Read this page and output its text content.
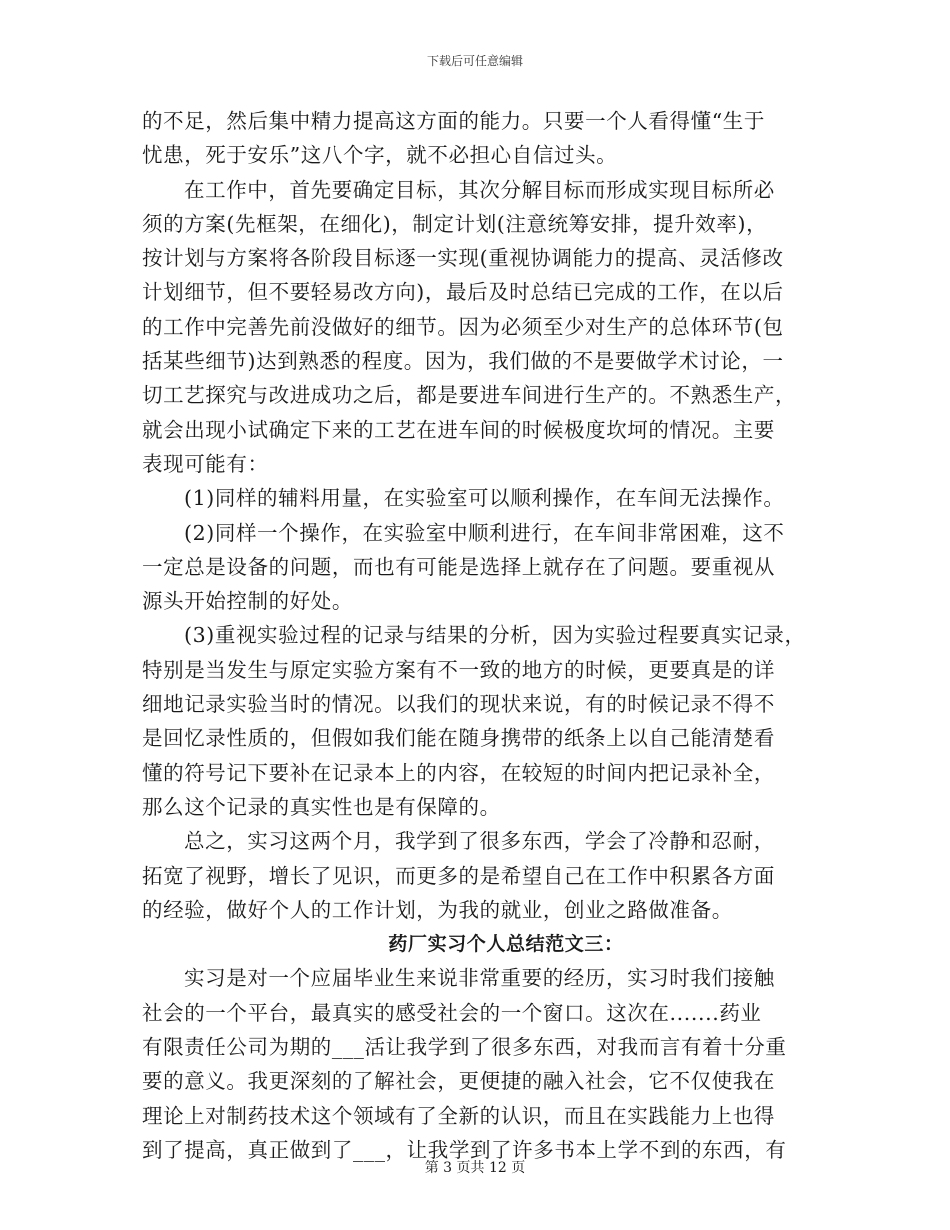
下载后可任意编辑
的不足，然后集中精力提高这方面的能力。只要一个人看得懂“生于
忧患，死于安乐”这八个字，就不必担心自信过头。
在工作中，首先要确定目标，其次分解目标而形成实现目标所必
须的方案(先框架，在细化)，制定计划(注意统筹安排，提升效率)，
按计划与方案将各阶段目标逐一实现(重视协调能力的提高、灵活修改
计划细节，但不要轻易改方向)，最后及时总结已完成的工作，在以后
的工作中完善先前没做好的细节。因为必须至少对生产的总体环节(包
括某些细节)达到熟悉的程度。因为，我们做的不是要做学术讨论，一
切工艺探究与改进成功之后，都是要进车间进行生产的。不熟悉生产，
就会出现小试确定下来的工艺在进车间的时候极度坎坷的情况。主要
表现可能有：
(1)同样的辅料用量，在实验室可以顺利操作，在车间无法操作。
(2)同样一个操作，在实验室中顺利进行，在车间非常困难，这不
一定总是设备的问题，而也有可能是选择上就存在了问题。要重视从
源头开始控制的好处。
(3)重视实验过程的记录与结果的分析，因为实验过程要真实记录，
特别是当发生与原定实验方案有不一致的地方的时候，更要真是的详
细地记录实验当时的情况。以我们的现状来说，有的时候记录不得不
是回忆录性质的，但假如我们能在随身携带的纸条上以自己能清楚看
懂的符号记下要补在记录本上的内容，在较短的时间内把记录补全，
那么这个记录的真实性也是有保障的。
总之，实习这两个月，我学到了很多东西，学会了冷静和忍耐，
拓宽了视野，增长了见识，而更多的是希望自己在工作中积累各方面
的经验，做好个人的工作计划，为我的就业，创业之路做准备。
药厂实习个人总结范文三：
实习是对一个应届毕业生来说非常重要的经历，实习时我们接触
社会的一个平台，最真实的感受社会的一个窗口。这次在.......药业
有限责任公司为期的___活让我学到了很多东西，对我而言有着十分重
要的意义。我更深刻的了解社会，更便捷的融入社会，它不仅使我在
理论上对制药技术这个领域有了全新的认识，而且在实践能力上也得
到了提高，真正做到了___，让我学到了许多书本上学不到的东西，有
第 3 页共 12 页
